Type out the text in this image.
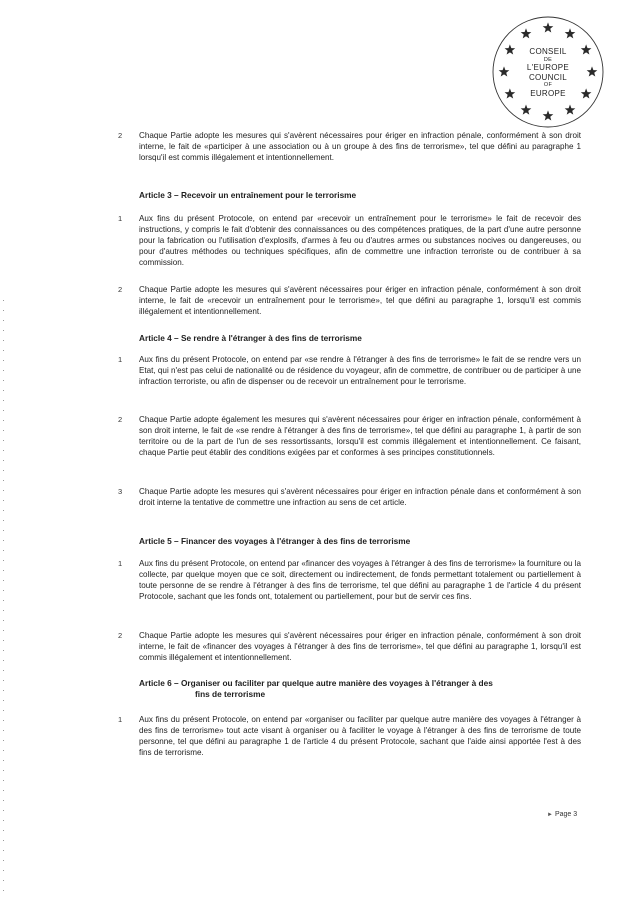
CONSEIL
DE
L'EUROPE
COUNCIL
OF
EUROPE
2 Chaque Partie adopte les mesures qui s'avèrent nécessaires pour ériger en infraction pénale, conformément à son droit interne, le fait de «participer à une association ou à un groupe à des fins de terrorisme», tel que défini au paragraphe 1 lorsqu'il est commis illégalement et intentionnellement.

Article 3 – Recevoir un entraînement pour le terrorisme
1 Aux fins du présent Protocole, on entend par «recevoir un entraînement pour le terrorisme» le fait de recevoir des instructions, y compris le fait d'obtenir des connaissances ou des compétences pratiques, de la part d'une autre personne pour la fabrication ou l'utilisation d'explosifs, d'armes à feu ou d'autres armes ou substances nocives ou dangereuses, ou pour d'autres méthodes ou techniques spécifiques, afin de commettre une infraction terroriste ou de contribuer à sa commission.

2 Chaque Partie adopte les mesures qui s'avèrent nécessaires pour ériger en infraction pénale, conformément à son droit interne, le fait de «recevoir un entraînement pour le terrorisme», tel que défini au paragraphe 1, lorsqu'il est commis illégalement et intentionnellement.

Article 4 – Se rendre à l'étranger à des fins de terrorisme
1 Aux fins du présent Protocole, on entend par «se rendre à l'étranger à des fins de terrorisme» le fait de se rendre vers un Etat, qui n'est pas celui de nationalité ou de résidence du voyageur, afin de commettre, de contribuer ou de participer à une infraction terroriste, ou afin de dispenser ou de recevoir un entraînement pour le terrorisme.

2 Chaque Partie adopte également les mesures qui s'avèrent nécessaires pour ériger en infraction pénale, conformément à son droit interne, le fait de «se rendre à l'étranger à des fins de terrorisme», tel que défini au paragraphe 1, à partir de son territoire ou de la part de l'un de ses ressortissants, lorsqu'il est commis illégalement et intentionnellement. Ce faisant, chaque Partie peut établir des conditions exigées par et conformes à ses principes constitutionnels.

3 Chaque Partie adopte les mesures qui s'avèrent nécessaires pour ériger en infraction pénale dans et conformément à son droit interne la tentative de commettre une infraction au sens de cet article.

Article 5 – Financer des voyages à l'étranger à des fins de terrorisme
1 Aux fins du présent Protocole, on entend par «financer des voyages à l'étranger à des fins de terrorisme» la fourniture ou la collecte, par quelque moyen que ce soit, directement ou indirectement, de fonds permettant totalement ou partiellement à toute personne de se rendre à l'étranger à des fins de terrorisme, tel que défini au paragraphe 1 de l'article 4 du présent Protocole, sachant que les fonds ont, totalement ou partiellement, pour but de servir ces fins.

2 Chaque Partie adopte les mesures qui s'avèrent nécessaires pour ériger en infraction pénale, conformément à son droit interne, le fait de «financer des voyages à l'étranger à des fins de terrorisme», tel que défini au paragraphe 1, lorsqu'il est commis illégalement et intentionnellement.

Article 6 – Organiser ou faciliter par quelque autre manière des voyages à l'étranger à des
fins de terrorisme
1 Aux fins du présent Protocole, on entend par «organiser ou faciliter par quelque autre manière des voyages à l'étranger à des fins de terrorisme» tout acte visant à organiser ou à faciliter le voyage à l'étranger à des fins de terrorisme de toute personne, tel que défini au paragraphe 1 de l'article 4 du présent Protocole, sachant que l'aide ainsi apportée l'est à des fins de terrorisme.

► Page 3
